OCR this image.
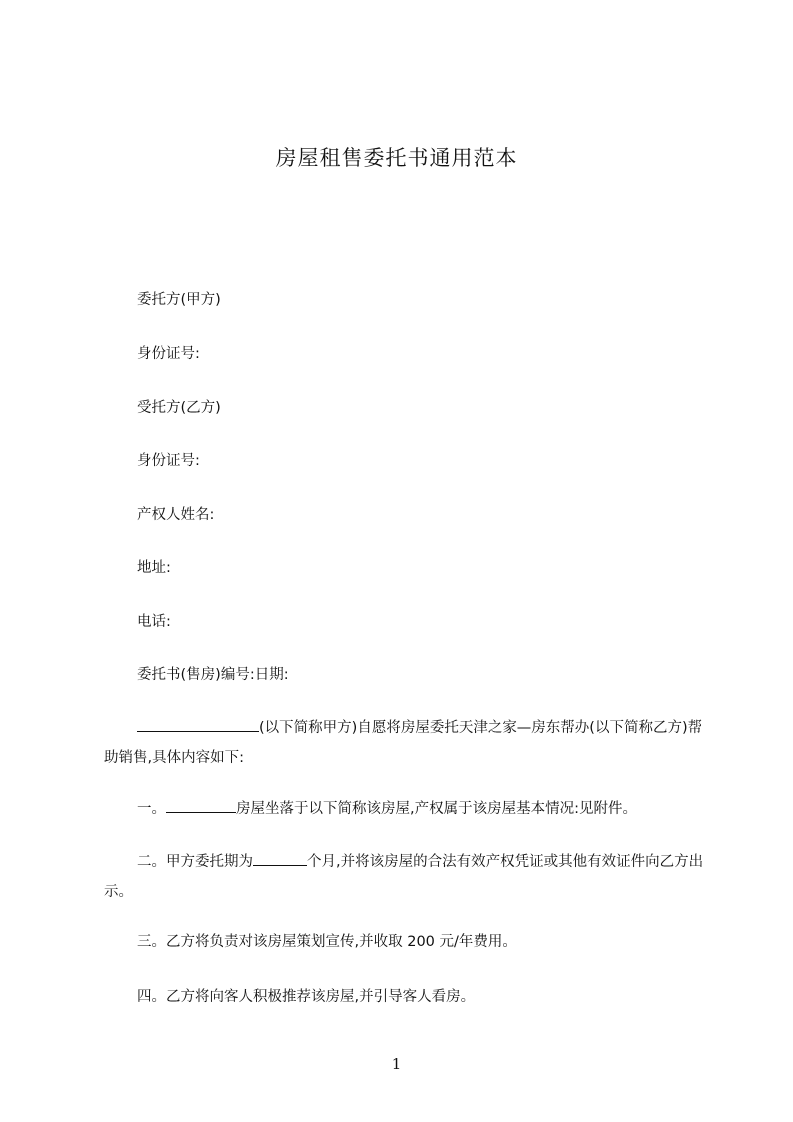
房屋租售委托书通用范本
委托方(甲方)
身份证号:
受托方(乙方)
身份证号:
产权人姓名:
地址:
电话:
委托书(售房)编号:日期:

(以下简称甲方)自愿将房屋委托天津之家—房东帮办(以下简称乙方)帮助销售,具体内容如下:

一。	房屋坐落于以下简称该房屋,产权属于该房屋基本情况:见附件。

二。甲方委托期为	个月,并将该房屋的合法有效产权凭证或其他有效证件向乙方出示。

三。乙方将负责对该房屋策划宣传,并收取 200 元/年费用。

四。乙方将向客人积极推荐该房屋,并引导客人看房。

1
